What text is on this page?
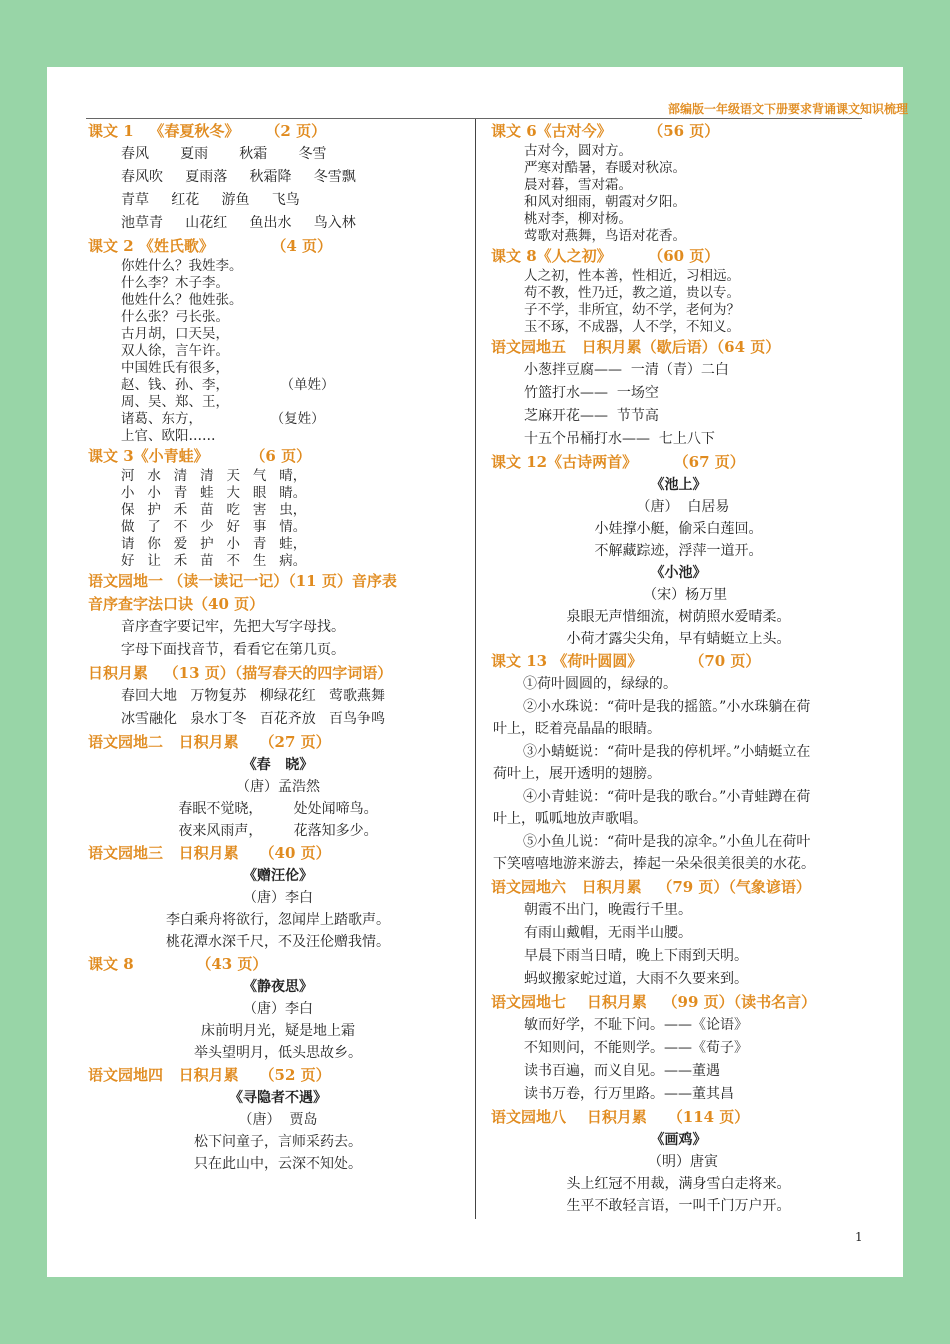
部编版一年级语文下册要求背诵课文知识梳理
课文 1   《春夏秋冬》     （2 页）
春风       夏雨       秋霜       冬雪
春风吹     夏雨落     秋霜降     冬雪飘
青草     红花     游鱼     飞鸟
池草青     山花红     鱼出水     鸟入林
课文 2 《姓氏歌》           （4 页）
你姓什么？我姓李。
什么李？木子李。
他姓什么？他姓张。
什么张？弓长张。
古月胡，口天吴，
双人徐，言午许。
中国姓氏有很多，
赵、钱、孙、李，            （单姓）
周、吴、郑、王，
诸葛、东方，                （复姓）
上官、欧阳……
课文 3《小青蛙》        （6 页）
河   水   清   清   天   气   晴，
小   小   青   蛙   大   眼   睛。
保   护   禾   苗   吃   害   虫，
做   了   不   少   好   事   情。
请   你   爱   护   小   青   蛙，
好   让   禾   苗   不   生   病。
语文园地一 （读一读记一记）（11 页）音序表
音序查字法口诀（40 页）
音序查字要记牢，先把大写字母找。
字母下面找音节，看看它在第几页。
日积月累   （13 页）（描写春天的四字词语）
春回大地   万物复苏   柳绿花红   莺歌燕舞
冰雪融化   泉水丁冬   百花齐放   百鸟争鸣
语文园地二   日积月累    （27 页）
《春   晓》
（唐）孟浩然
春眠不觉晓，       处处闻啼鸟。
夜来风雨声，       花落知多少。
语文园地三   日积月累    （40 页）
《赠汪伦》
（唐）李白
李白乘舟将欲行，忽闻岸上踏歌声。
桃花潭水深千尺，不及汪伦赠我情。
课文 8            （43 页）
《静夜思》
（唐）李白
床前明月光，疑是地上霜
举头望明月，低头思故乡。
语文园地四   日积月累    （52 页）
《寻隐者不遇》
（唐）  贾岛
松下问童子，言师采药去。
只在此山中，云深不知处。
课文 6《古对今》       （56 页）
古对今，圆对方。
严寒对酷暑，春暖对秋凉。
晨对暮，雪对霜。
和风对细雨，朝霞对夕阳。
桃对李，柳对杨。
莺歌对燕舞，鸟语对花香。
课文 8《人之初》       （60 页）
人之初，性本善，性相近，习相远。
苟不教，性乃迁，教之道，贵以专。
子不学，非所宜，幼不学，老何为？
玉不琢，不成器，人不学，不知义。
语文园地五   日积月累（歇后语）（64 页）
小葱拌豆腐——  一清（青）二白
竹篮打水——  一场空
芝麻开花——  节节高
十五个吊桶打水——  七上八下
课文 12《古诗两首》       （67 页）
《池上》
（唐）  白居易
小娃撑小艇，偷采白莲回。
不解藏踪迹，浮萍一道开。
《小池》
（宋）杨万里
泉眼无声惜细流，树荫照水爱晴柔。
小荷才露尖尖角，早有蜻蜓立上头。
课文 13 《荷叶圆圆》         （70 页）
①荷叶圆圆的，绿绿的。
②小水珠说：“荷叶是我的摇篮。”小水珠躺在荷
叶上，眨着亮晶晶的眼睛。
③小蜻蜓说：“荷叶是我的停机坪。”小蜻蜓立在
荷叶上，展开透明的翅膀。
④小青蛙说：“荷叶是我的歌台。”小青蛙蹲在荷
叶上，呱呱地放声歌唱。
⑤小鱼儿说：“荷叶是我的凉伞。”小鱼儿在荷叶
下笑嘻嘻地游来游去，捧起一朵朵很美很美的水花。
语文园地六   日积月累   （79 页）（气象谚语）
朝霞不出门，晚霞行千里。
有雨山戴帽，无雨半山腰。
早晨下雨当日晴，晚上下雨到天明。
蚂蚁搬家蛇过道，大雨不久要来到。
语文园地七    日积月累   （99 页）（读书名言）
敏而好学，不耻下问。——《论语》
不知则问，不能则学。——《荀子》
读书百遍，而义自见。——董遇
读书万卷，行万里路。——董其昌
语文园地八    日积月累    （114 页）
《画鸡》
（明）唐寅
头上红冠不用裁，满身雪白走将来。
生平不敢轻言语，一叫千门万户开。
1
